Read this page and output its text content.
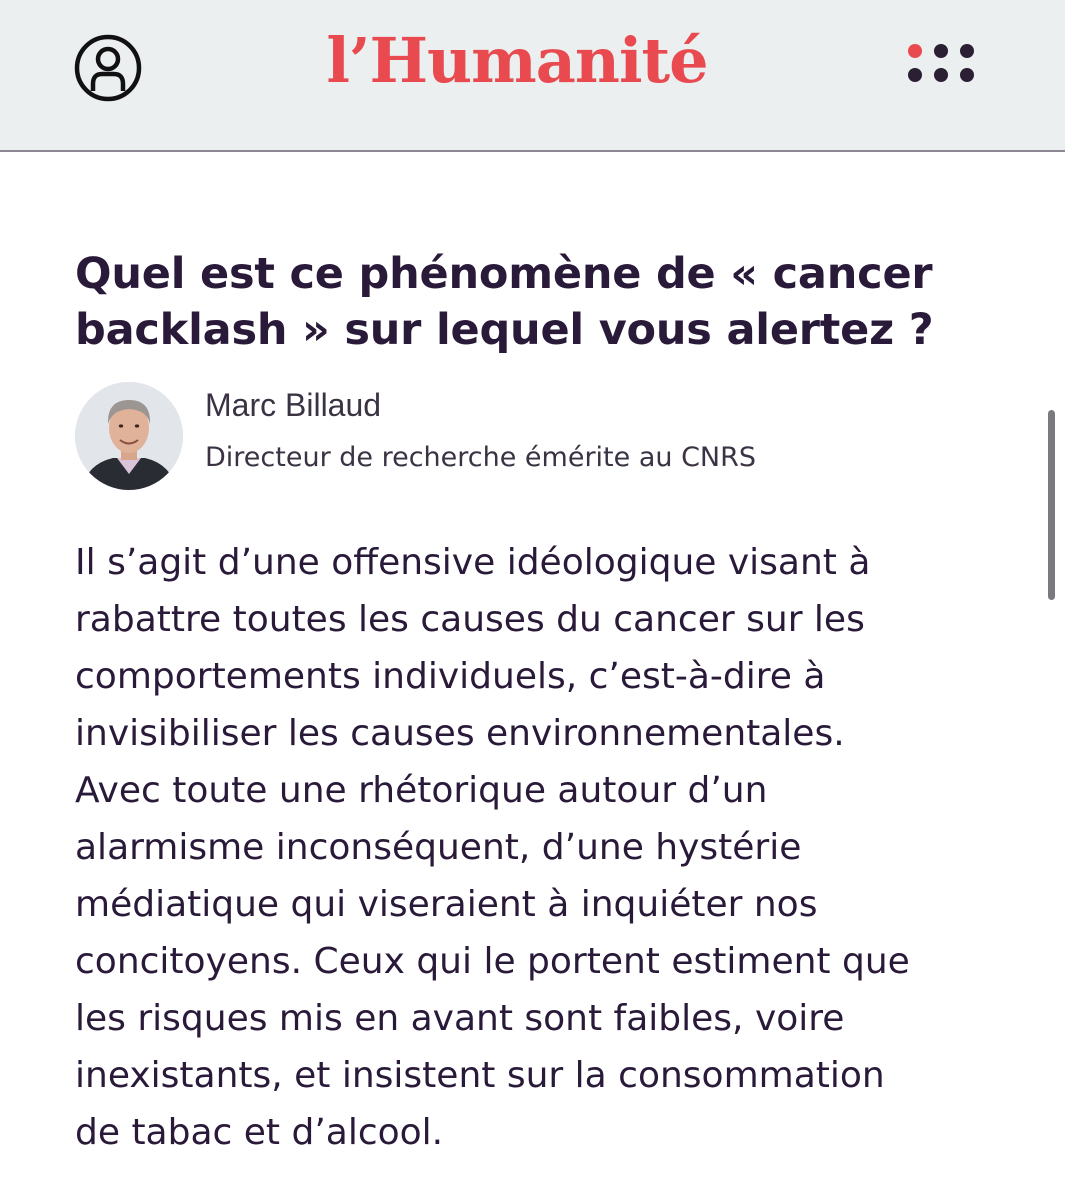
l’Humanité
Quel est ce phénomène de « cancer
backlash » sur lequel vous alertez ?
Marc Billaud
Directeur de recherche émérite au CNRS
Il s’agit d’une offensive idéologique visant à
rabattre toutes les causes du cancer sur les
comportements individuels, c’est-à-dire à
invisibiliser les causes environnementales.
Avec toute une rhétorique autour d’un
alarmisme inconséquent, d’une hystérie
médiatique qui viseraient à inquiéter nos
concitoyens. Ceux qui le portent estiment que
les risques mis en avant sont faibles, voire
inexistants, et insistent sur la consommation
de tabac et d’alcool.
